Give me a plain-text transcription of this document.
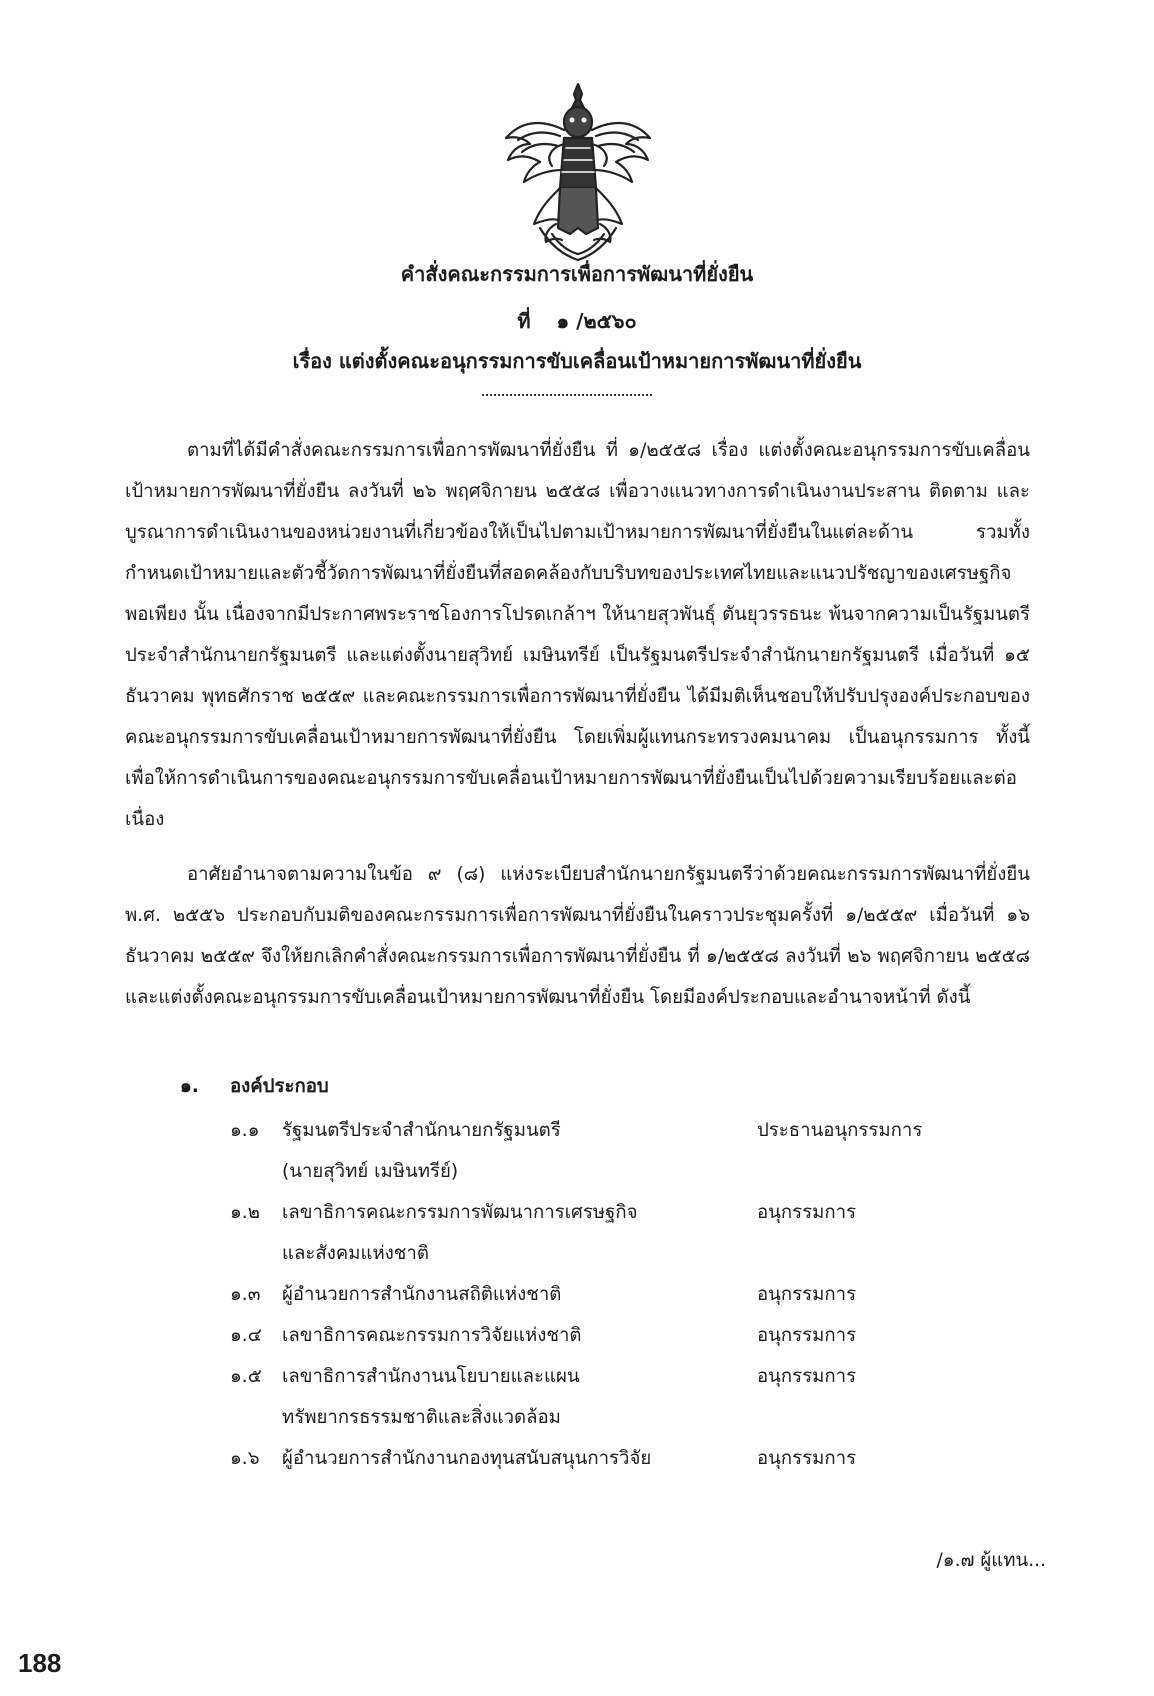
คำสั่งคณะกรรมการเพื่อการพัฒนาที่ยั่งยืน
ที่ ๑ /๒๕๖๐
เรื่อง แต่งตั้งคณะอนุกรรมการขับเคลื่อนเป้าหมายการพัฒนาที่ยั่งยืน

ตามที่ได้มีคำสั่งคณะกรรมการเพื่อการพัฒนาที่ยั่งยืน ที่ ๑/๒๕๕๘ เรื่อง แต่งตั้งคณะอนุกรรมการขับเคลื่อนเป้าหมายการพัฒนาที่ยั่งยืน ลงวันที่ ๒๖ พฤศจิกายน ๒๕๕๘ เพื่อวางแนวทางการดำเนินงานประสาน ติดตาม และบูรณาการดำเนินงานของหน่วยงานที่เกี่ยวข้องให้เป็นไปตามเป้าหมายการพัฒนาที่ยั่งยืนในแต่ละด้าน รวมทั้งกำหนดเป้าหมายและตัวชี้วัดการพัฒนาที่ยั่งยืนที่สอดคล้องกับบริบทของประเทศไทยและแนวปรัชญาของเศรษฐกิจพอเพียง นั้น เนื่องจากมีประกาศพระราชโองการโปรดเกล้าฯ ให้นายสุวพันธุ์ ตันยุวรรธนะ พ้นจากความเป็นรัฐมนตรีประจำสำนักนายกรัฐมนตรี และแต่งตั้งนายสุวิทย์ เมษินทรีย์ เป็นรัฐมนตรีประจำสำนักนายกรัฐมนตรี เมื่อวันที่ ๑๕ ธันวาคม พุทธศักราช ๒๕๕๙ และคณะกรรมการเพื่อการพัฒนาที่ยั่งยืน ได้มีมติเห็นชอบให้ปรับปรุงองค์ประกอบของคณะอนุกรรมการขับเคลื่อนเป้าหมายการพัฒนาที่ยั่งยืน โดยเพิ่มผู้แทนกระทรวงคมนาคม เป็นอนุกรรมการ ทั้งนี้ เพื่อให้การดำเนินการของคณะอนุกรรมการขับเคลื่อนเป้าหมายการพัฒนาที่ยั่งยืนเป็นไปด้วยความเรียบร้อยและต่อเนื่อง

อาศัยอำนาจตามความในข้อ ๙ (๘) แห่งระเบียบสำนักนายกรัฐมนตรีว่าด้วยคณะกรรมการพัฒนาที่ยั่งยืน พ.ศ. ๒๕๕๖ ประกอบกับมติของคณะกรรมการเพื่อการพัฒนาที่ยั่งยืนในคราวประชุมครั้งที่ ๑/๒๕๕๙ เมื่อวันที่ ๑๖ ธันวาคม ๒๕๕๙ จึงให้ยกเลิกคำสั่งคณะกรรมการเพื่อการพัฒนาที่ยั่งยืน ที่ ๑/๒๕๕๘ ลงวันที่ ๒๖ พฤศจิกายน ๒๕๕๘ และแต่งตั้งคณะอนุกรรมการขับเคลื่อนเป้าหมายการพัฒนาที่ยั่งยืน โดยมีองค์ประกอบและอำนาจหน้าที่ ดังนี้

๑. องค์ประกอบ
๑.๑	รัฐมนตรีประจำสำนักนายกรัฐมนตรี	ประธานอนุกรรมการ
(นายสุวิทย์ เมษินทรีย์)
๑.๒	เลขาธิการคณะกรรมการพัฒนาการเศรษฐกิจ	อนุกรรมการ
และสังคมแห่งชาติ
๑.๓	ผู้อำนวยการสำนักงานสถิติแห่งชาติ	อนุกรรมการ
๑.๔	เลขาธิการคณะกรรมการวิจัยแห่งชาติ	อนุกรรมการ
๑.๕	เลขาธิการสำนักงานนโยบายและแผน	อนุกรรมการ
ทรัพยากรธรรมชาติและสิ่งแวดล้อม
๑.๖	ผู้อำนวยการสำนักงานกองทุนสนับสนุนการวิจัย	อนุกรรมการ
/๑.๗ ผู้แทน...
188
